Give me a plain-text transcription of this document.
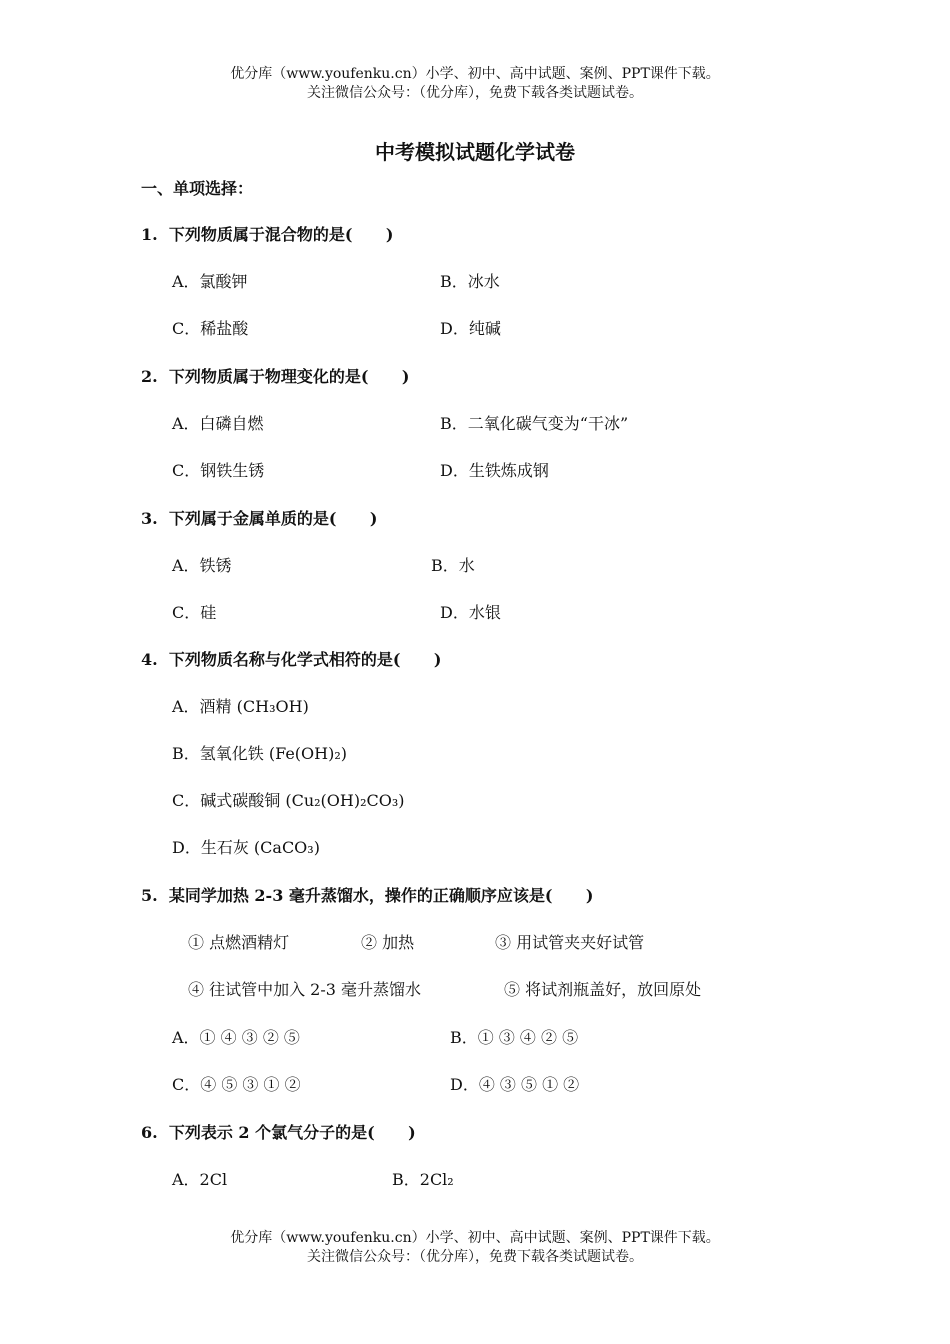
优分库（www.youfenku.cn）小学、初中、高中试题、案例、PPT课件下载。
关注微信公众号：（优分库），免费下载各类试题试卷。
中考模拟试题化学试卷
一、单项选择：
1.  下列物质属于混合物的是(      )
A．氯酸钾	B．冰水
C．稀盐酸	D．纯碱
2.  下列物质属于物理变化的是(      )
A．白磷自燃	B．二氧化碳气变为“干冰”
C．钢铁生锈	D．生铁炼成钢
3.  下列属于金属单质的是(      )
A．铁锈	B．水
C．硅	D．水银
4.  下列物质名称与化学式相符的是(      )
A．酒精 (CH₃OH)
B．氢氧化铁 (Fe(OH)₂)
C．碱式碳酸铜 (Cu₂(OH)₂CO₃)
D．生石灰 (CaCO₃)
5.  某同学加热 2-3 毫升蒸馏水，操作的正确顺序应该是(      )
① 点燃酒精灯	② 加热	③ 用试管夹夹好试管
④ 往试管中加入 2-3 毫升蒸馏水	⑤ 将试剂瓶盖好，放回原处
A．① ④ ③ ② ⑤	B．① ③ ④ ② ⑤
C．④ ⑤ ③ ① ②	D．④ ③ ⑤ ① ②
6.  下列表示 2 个氯气分子的是(      )
A．2Cl	B．2Cl₂
优分库（www.youfenku.cn）小学、初中、高中试题、案例、PPT课件下载。
关注微信公众号：（优分库），免费下载各类试题试卷。
